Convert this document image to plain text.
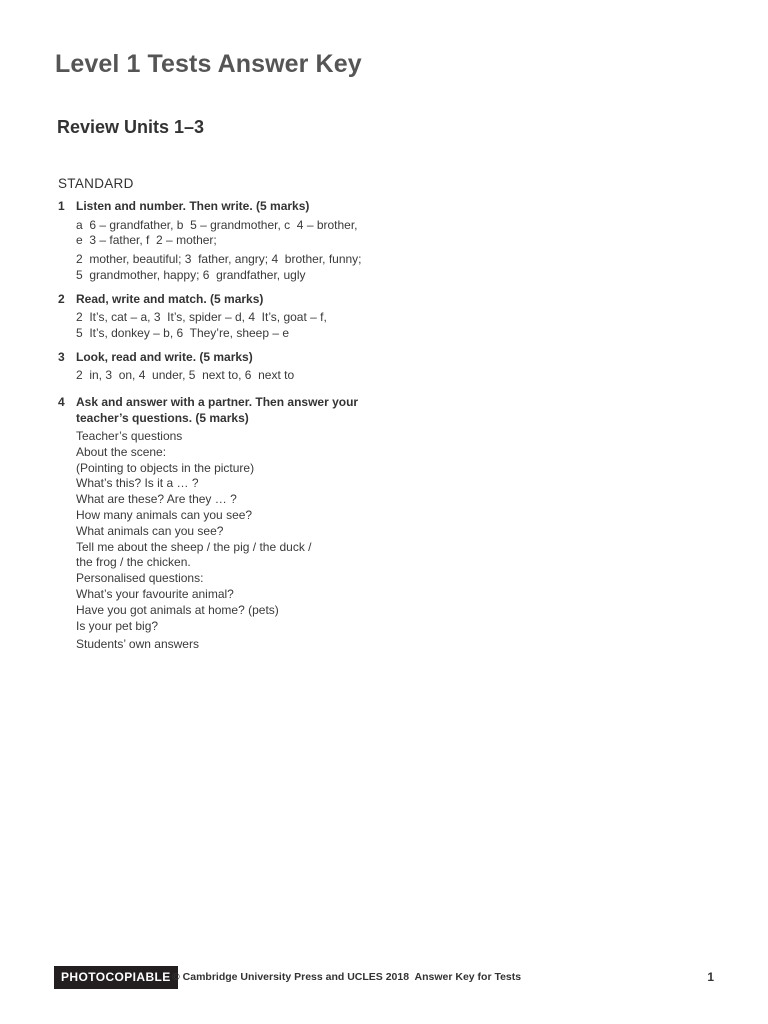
Level 1 Tests Answer Key
Review Units 1–3
STANDARD
1 Listen and number. Then write. (5 marks)
a  6 – grandfather, b  5 – grandmother, c  4 – brother,
e  3 – father, f  2 – mother;
2  mother, beautiful; 3  father, angry; 4  brother, funny;
5  grandmother, happy; 6  grandfather, ugly
2 Read, write and match. (5 marks)
2  It’s, cat – a, 3  It’s, spider – d, 4  It’s, goat – f,
5  It’s, donkey – b, 6  They’re, sheep – e
3 Look, read and write. (5 marks)
2  in, 3  on, 4  under, 5  next to, 6  next to
4 Ask and answer with a partner. Then answer your teacher’s questions. (5 marks)
Teacher’s questions
About the scene:
(Pointing to objects in the picture)
What’s this? Is it a … ?
What are these? Are they … ?
How many animals can you see?
What animals can you see?
Tell me about the sheep / the pig / the duck /
the frog / the chicken.
Personalised questions:
What’s your favourite animal?
Have you got animals at home? (pets)
Is your pet big?
Students’ own answers
PHOTOCOPIABLE © Cambridge University Press and UCLES 2018  Answer Key for Tests	1
